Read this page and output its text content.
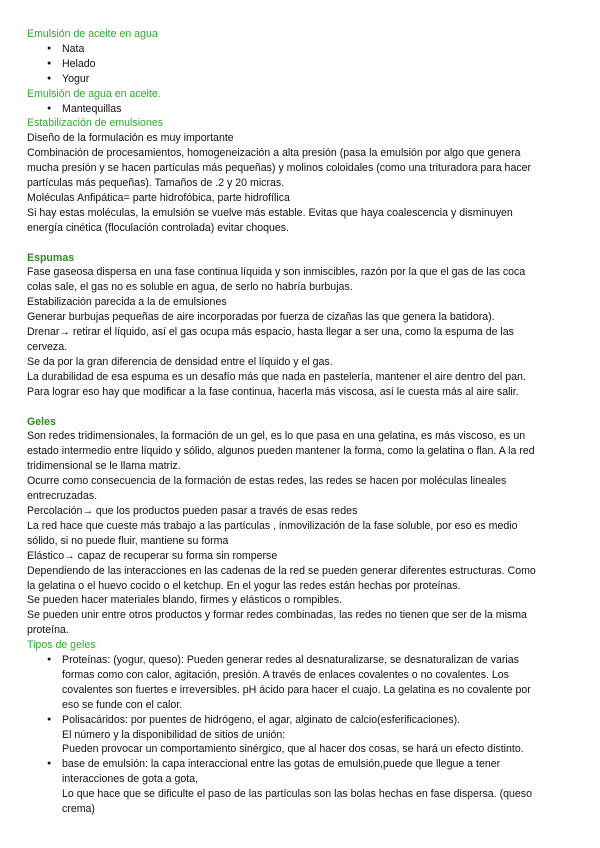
Emulsión de aceite en agua
● Nata
● Helado
● Yogur
Emulsión de agua en aceite.
● Mantequillas
Estabilización de emulsiones
Diseño de la formulación es muy importante
Combinación de procesamientos, homogeneización a alta presión (pasa la emulsión por algo que genera
mucha presión y se hacen partículas más pequeñas) y molinos coloidales (como una trituradora para hacer
partículas más pequeñas). Tamaños de .2 y 20 micras.
Moléculas Anfipática= parte hidrofóbica, parte hidrofílica
Si hay estas moléculas, la emulsión se vuelve más estable. Evitas que haya coalescencia y disminuyen
energía cinética (floculación controlada) evitar choques.
Espumas
Fase gaseosa dispersa en una fase continua líquida y son inmiscibles, razón por la que el gas de las coca
colas sale, el gas no es soluble en agua, de serlo no habría burbujas.
Estabilización parecida a la de emulsiones
Generar burbujas pequeñas de aire incorporadas por fuerza de cizañas las que genera la batidora).
Drenar→ retirar el líquido, así el gas ocupa más espacio, hasta llegar a ser una, como la espuma de las
cerveza.
Se da por la gran diferencia de densidad entre el líquido y el gas.
La durabilidad de esa espuma es un desafío más que nada en pastelería, mantener el aire dentro del pan.
Para lograr eso hay que modificar a la fase continua, hacerla más viscosa, así le cuesta más al aire salir.
Geles
Son redes tridimensionales, la formación de un gel, es lo que pasa en una gelatina, es más viscoso, es un
estado intermedio entre líquido y sólido, algunos pueden mantener la forma, como la gelatina o flan. A la red
tridimensional se le llama matriz.
Ocurre como consecuencia de la formación de estas redes, las redes se hacen por moléculas lineales
entrecruzadas.
Percolación→ que los productos pueden pasar a través de esas redes
La red hace que cueste más trabajo a las partículas , inmovilización de la fase soluble, por eso es medio
sólido, si no puede fluir, mantiene su forma
Elástico→ capaz de recuperar su forma sin romperse
Dependiendo de las interacciones en las cadenas de la red se pueden generar diferentes estructuras. Como
la gelatina o el huevo cocido o el ketchup. En el yogur las redes están hechas por proteínas.
Se pueden hacer materiales blando, firmes y elásticos o rompibles.
Se pueden unir entre otros productos y formar redes combinadas, las redes no tienen que ser de la misma
proteína.
Tipos de geles
● Proteínas: (yogur, queso): Pueden generar redes al desnaturalizarse, se desnaturalizan de varias
formas como con calor, agitación, presión. A través de enlaces covalentes o no covalentes. Los
covalentes son fuertes e irreversibles. pH ácido para hacer el cuajo. La gelatina es no covalente por
eso se funde con el calor.
● Polisacáridos: por puentes de hidrógeno, el agar, alginato de calcio(esferificaciones).
El número y la disponibilidad de sitios de unión:
Pueden provocar un comportamiento sinérgico, que al hacer dos cosas, se hará un efecto distinto.
● base de emulsión: la capa interaccional entre las gotas de emulsión,puede que llegue a tener
interacciones de gota a gota,
Lo que hace que se dificulte el paso de las partículas son las bolas hechas en fase dispersa. (queso
crema)
